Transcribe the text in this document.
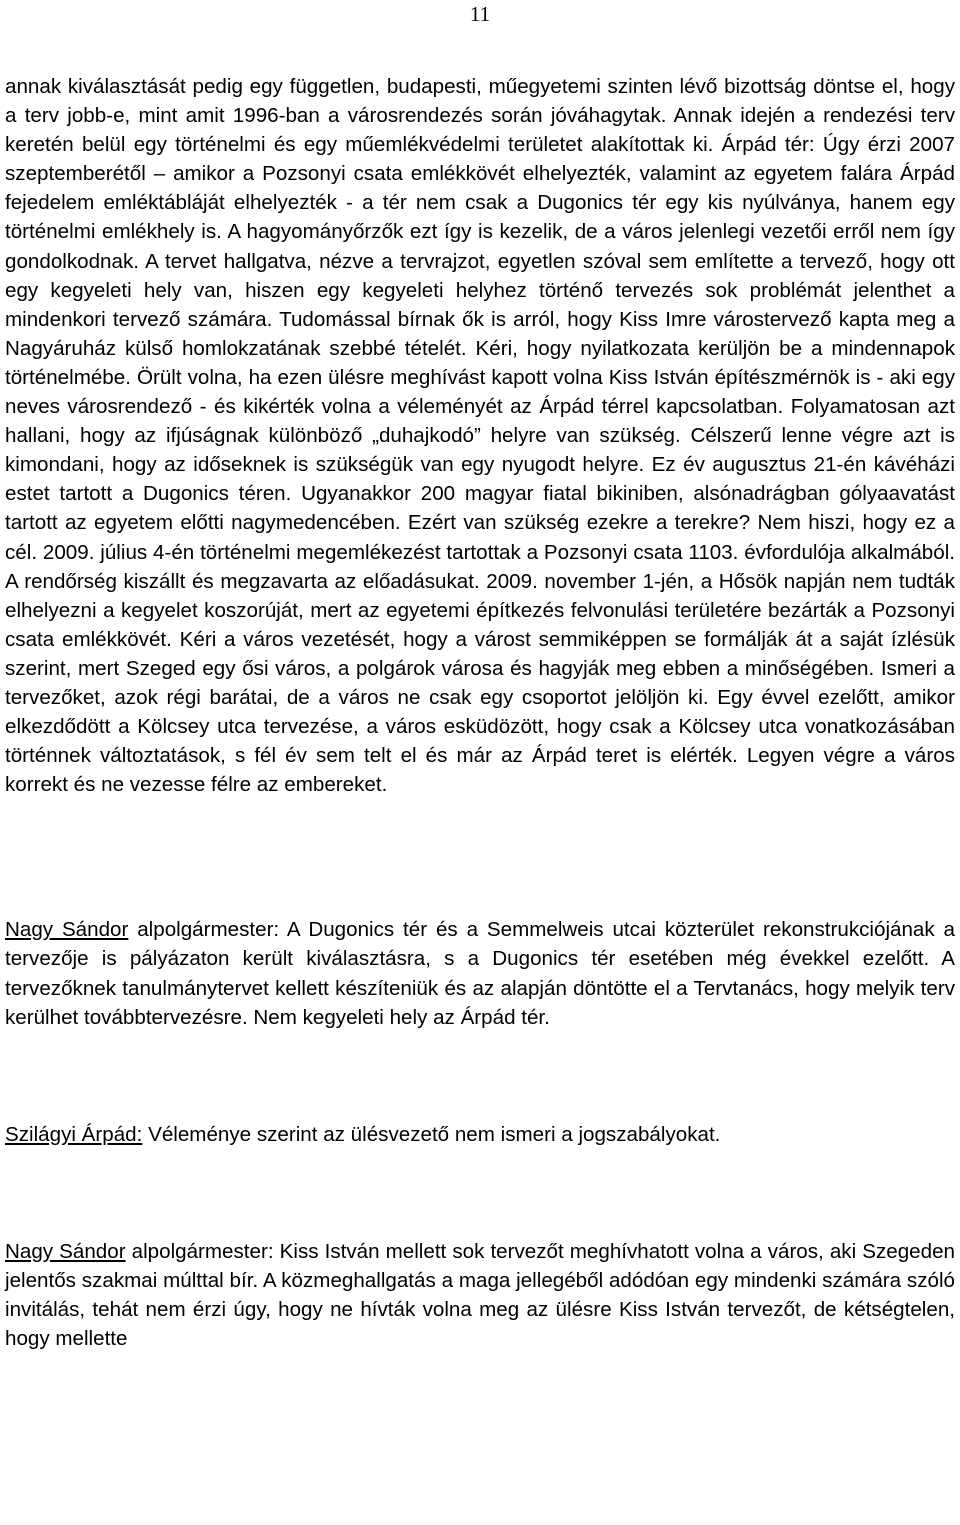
11

annak kiválasztását pedig egy független, budapesti, műegyetemi szinten lévő bizottság döntse el, hogy a terv jobb-e, mint amit 1996-ban a városrendezés során jóváhagytak. Annak idején a rendezési terv keretén belül egy történelmi és egy műemlékvédelmi területet alakítottak ki. Árpád tér: Úgy érzi 2007 szeptemberétől – amikor a Pozsonyi csata emlékkövét elhelyezték, valamint az egyetem falára Árpád fejedelem emléktábláját elhelyezték - a tér nem csak a Dugonics tér egy kis nyúlványa, hanem egy történelmi emlékhely is. A hagyományőrzők ezt így is kezelik, de a város jelenlegi vezetői erről nem így gondolkodnak. A tervet hallgatva, nézve a tervrajzot, egyetlen szóval sem említette a tervező, hogy ott egy kegyeleti hely van, hiszen egy kegyeleti helyhez történő tervezés sok problémát jelenthet a mindenkori tervező számára. Tudomással bírnak ők is arról, hogy Kiss Imre várostervező kapta meg a Nagyáruház külső homlokzatának szebbé tételét. Kéri, hogy nyilatkozata kerüljön be a mindennapok történelmébe. Örült volna, ha ezen ülésre meghívást kapott volna Kiss István építészmérnök is - aki egy neves városrendező - és kikérték volna a véleményét az Árpád térrel kapcsolatban. Folyamatosan azt hallani, hogy az ifjúságnak különböző „duhajkodó” helyre van szükség. Célszerű lenne végre azt is kimondani, hogy az időseknek is szükségük van egy nyugodt helyre. Ez év augusztus 21-én kávéházi estet tartott a Dugonics téren. Ugyanakkor 200 magyar fiatal bikiniben, alsónadrágban gólyaavatást tartott az egyetem előtti nagymedencében. Ezért van szükség ezekre a terekre? Nem hiszi, hogy ez a cél. 2009. július 4-én történelmi megemlékezést tartottak a Pozsonyi csata 1103. évfordulója alkalmából. A rendőrség kiszállt és megzavarta az előadásukat. 2009. november 1-jén, a Hősök napján nem tudták elhelyezni a kegyelet koszorúját, mert az egyetemi építkezés felvonulási területére bezárták a Pozsonyi csata emlékkövét. Kéri a város vezetését, hogy a várost semmiképpen se formálják át a saját ízlésük szerint, mert Szeged egy ősi város, a polgárok városa és hagyják meg ebben a minőségében. Ismeri a tervezőket, azok régi barátai, de a város ne csak egy csoportot jelöljön ki. Egy évvel ezelőtt, amikor elkezdődött a Kölcsey utca tervezése, a város esküdözött, hogy csak a Kölcsey utca vonatkozásában történnek változtatások, s fél év sem telt el és már az Árpád teret is elérték. Legyen végre a város korrekt és ne vezesse félre az embereket.

Nagy Sándor alpolgármester: A Dugonics tér és a Semmelweis utcai közterület rekonstrukciójának a tervezője is pályázaton került kiválasztásra, s a Dugonics tér esetében még évekkel ezelőtt. A tervezőknek tanulmánytervet kellett készíteniük és az alapján döntötte el a Tervtanács, hogy melyik terv kerülhet továbbtervezésre. Nem kegyeleti hely az Árpád tér.

Szilágyi Árpád: Véleménye szerint az ülésvezető nem ismeri a jogszabályokat.

Nagy Sándor alpolgármester: Kiss István mellett sok tervezőt meghívhatott volna a város, aki Szegeden jelentős szakmai múlttal bír. A közmeghallgatás a maga jellegéből adódóan egy mindenki számára szóló invitálás, tehát nem érzi úgy, hogy ne hívták volna meg az ülésre Kiss István tervezőt, de kétségtelen, hogy mellette
